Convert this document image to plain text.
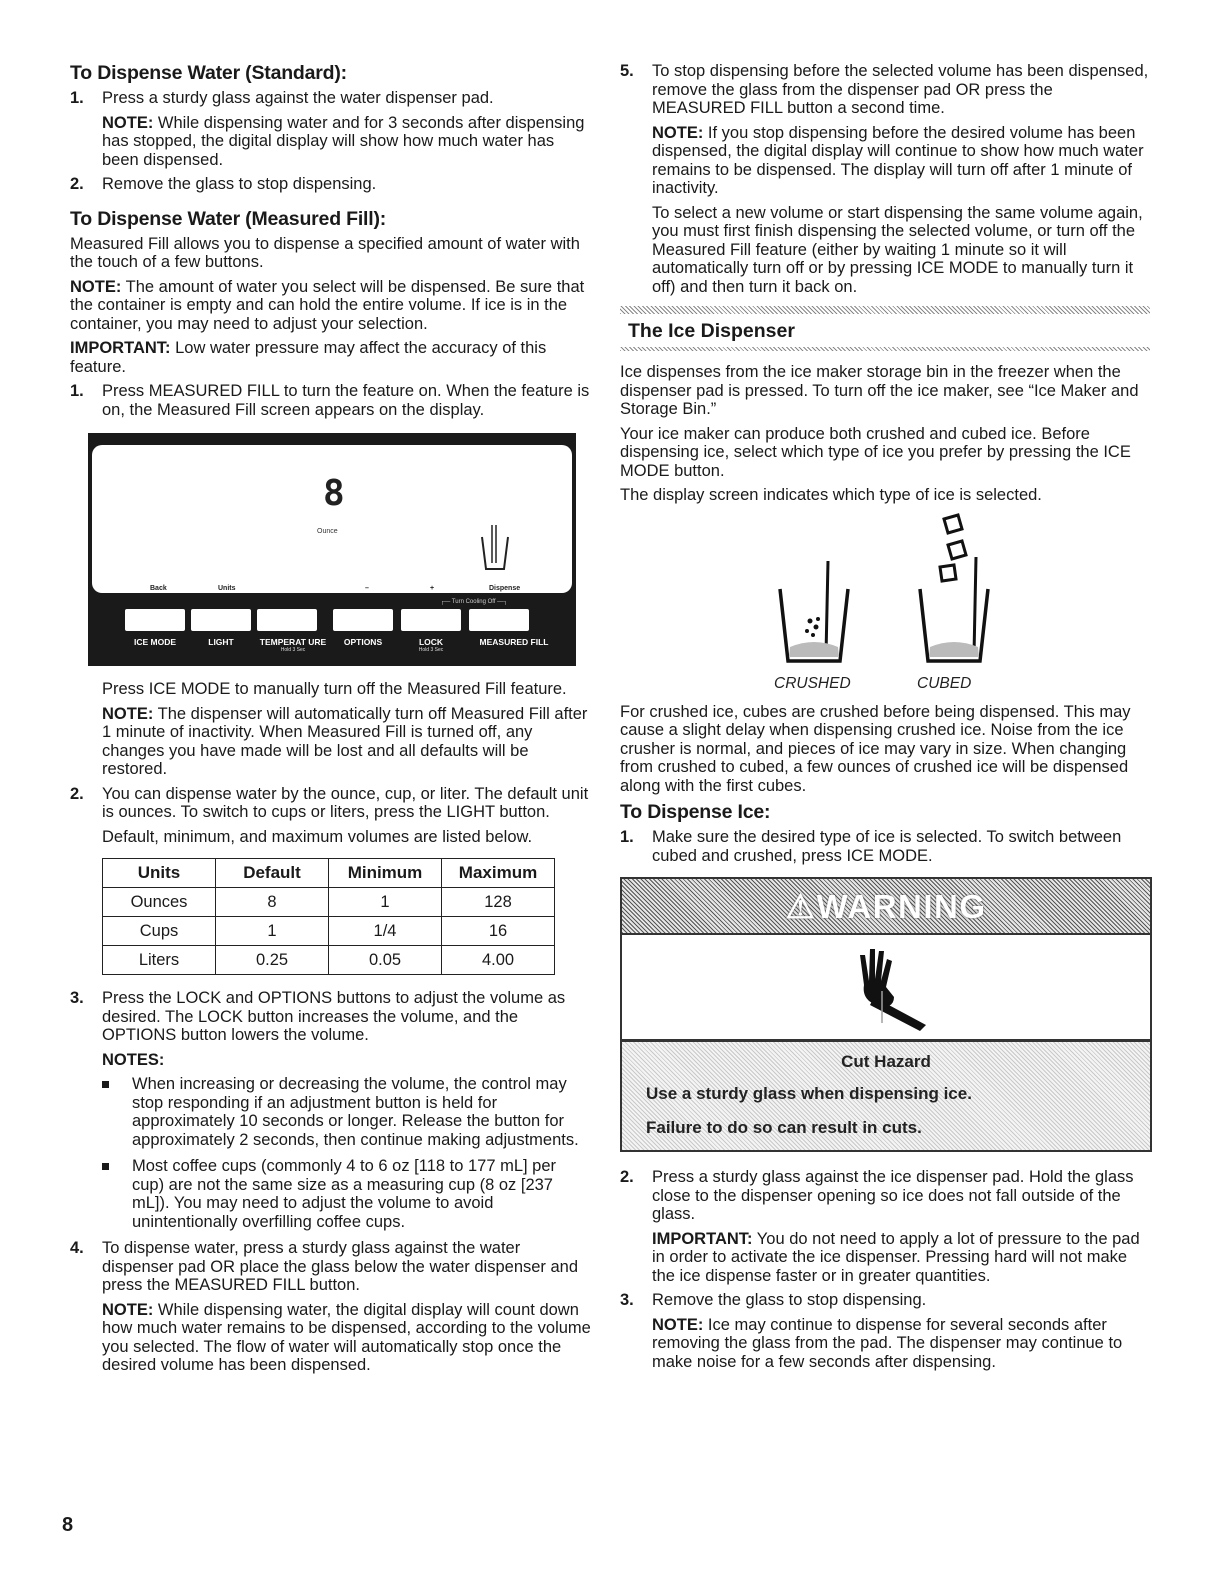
To Dispense Water (Standard):
1. Press a sturdy glass against the water dispenser pad.

NOTE: While dispensing water and for 3 seconds after dispensing has stopped, the digital display will show how much water has been dispensed.

2. Remove the glass to stop dispensing.

To Dispense Water (Measured Fill):

Measured Fill allows you to dispense a specified amount of water with the touch of a few buttons.

NOTE: The amount of water you select will be dispensed. Be sure that the container is empty and can hold the entire volume. If ice is in the container, you may need to adjust your selection.

IMPORTANT: Low water pressure may affect the accuracy of this feature.

1. Press MEASURED FILL to turn the feature on. When the feature is on, the Measured Fill screen appears on the display.

8
Ounce
Back	Units	–	+	Dispense
┌— Turn Cooling Off —┐
ICE MODE	LIGHT	TEMPERAT URE
Hold 3 Sec
OPTIONS	LOCK
Hold 3 Sec
MEASURED FILL

Press ICE MODE to manually turn off the Measured Fill feature.

NOTE: The dispenser will automatically turn off Measured Fill after 1 minute of inactivity. When Measured Fill is turned off, any changes you have made will be lost and all defaults will be restored.

2. You can dispense water by the ounce, cup, or liter. The default unit is ounces. To switch to cups or liters, press the LIGHT button.

Default, minimum, and maximum volumes are listed below.

Units	Default	Minimum	Maximum
Ounces	8	1	128
Cups	1	1/4	16
Liters	0.25	0.05	4.00
3. Press the LOCK and OPTIONS buttons to adjust the volume as desired. The LOCK button increases the volume, and the OPTIONS button lowers the volume.

NOTES:

When increasing or decreasing the volume, the control may stop responding if an adjustment button is held for approximately 10 seconds or longer. Release the button for approximately 2 seconds, then continue making adjustments.

Most coffee cups (commonly 4 to 6 oz [118 to 177 mL] per cup) are not the same size as a measuring cup (8 oz [237 mL]). You may need to adjust the volume to avoid unintentionally overfilling coffee cups.

4. To dispense water, press a sturdy glass against the water dispenser pad OR place the glass below the water dispenser and press the MEASURED FILL button.

NOTE: While dispensing water, the digital display will count down how much water remains to be dispensed, according to the volume you selected. The flow of water will automatically stop once the desired volume has been dispensed.

5. To stop dispensing before the selected volume has been dispensed, remove the glass from the dispenser pad OR press the MEASURED FILL button a second time.

NOTE: If you stop dispensing before the desired volume has been dispensed, the digital display will continue to show how much water remains to be dispensed. The display will turn off after 1 minute of inactivity.

To select a new volume or start dispensing the same volume again, you must first finish dispensing the selected volume, or turn off the Measured Fill feature (either by waiting 1 minute so it will automatically turn off or by pressing ICE MODE to manually turn it off) and then turn it back on.

The Ice Dispenser

Ice dispenses from the ice maker storage bin in the freezer when the dispenser pad is pressed. To turn off the ice maker, see “Ice Maker and Storage Bin.”

Your ice maker can produce both crushed and cubed ice. Before dispensing ice, select which type of ice you prefer by pressing the ICE MODE button.

The display screen indicates which type of ice is selected.

CRUSHED	CUBED

For crushed ice, cubes are crushed before being dispensed. This may cause a slight delay when dispensing crushed ice. Noise from the ice crusher is normal, and pieces of ice may vary in size. When changing from crushed to cubed, a few ounces of crushed ice will be dispensed along with the first cubes.

To Dispense Ice:
1. Make sure the desired type of ice is selected. To switch between cubed and crushed, press ICE MODE.

⚠WARNING
Cut Hazard
Use a sturdy glass when dispensing ice.
Failure to do so can result in cuts.
2. Press a sturdy glass against the ice dispenser pad. Hold the glass close to the dispenser opening so ice does not fall outside of the glass.

IMPORTANT: You do not need to apply a lot of pressure to the pad in order to activate the ice dispenser. Pressing hard will not make the ice dispense faster or in greater quantities.

3. Remove the glass to stop dispensing.

NOTE: Ice may continue to dispense for several seconds after removing the glass from the pad. The dispenser may continue to make noise for a few seconds after dispensing.

8
